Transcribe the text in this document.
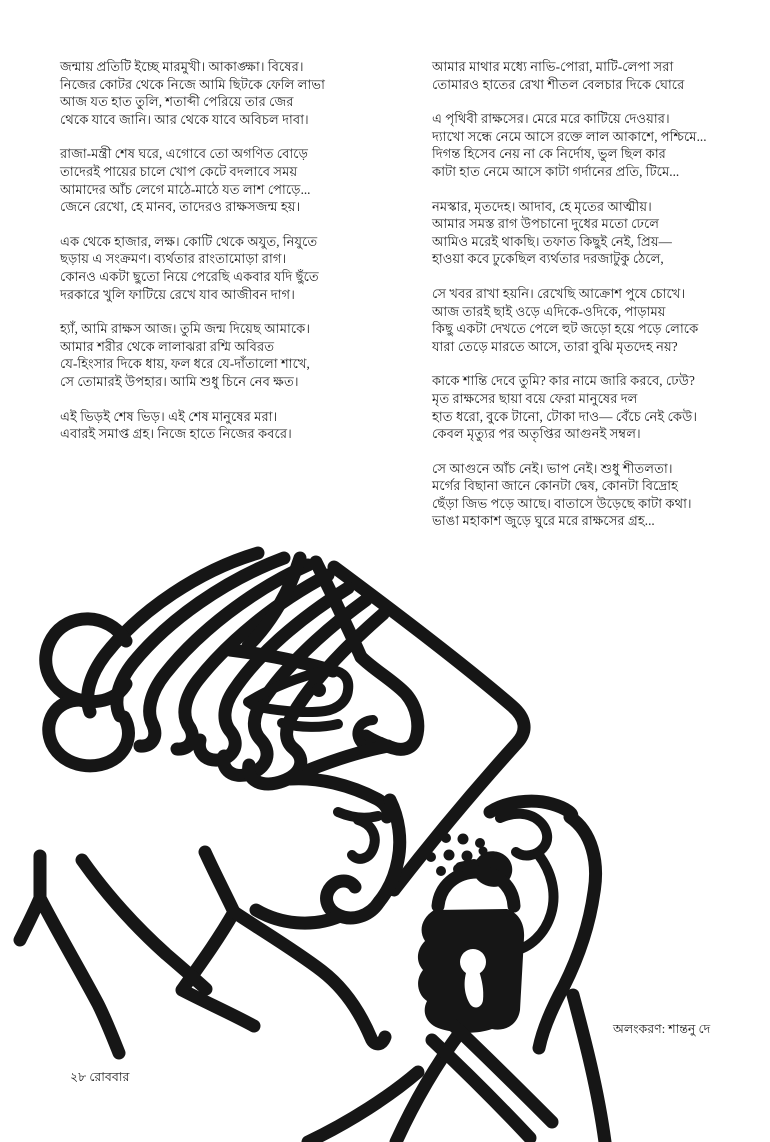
জন্মায় প্রতিটি ইচ্ছে মারমুখী। আকাঙ্ক্ষা। বিষের।
নিজের কোটর থেকে নিজে আমি ছিটকে ফেলি লাভা
আজ যত হাত তুলি, শতাব্দী পেরিয়ে তার জের
থেকে যাবে জানি। আর থেকে যাবে অবিচল দাবা।
রাজা-মন্ত্রী শেষ ঘরে, এগোবে তো অগণিত বোড়ে
তাদেরই পায়ের চালে খোপ কেটে বদলাবে সময়
আমাদের আঁচ লেগে মাঠে-মাঠে যত লাশ পোড়ে...
জেনে রেখো, হে মানব, তাদেরও রাক্ষসজন্ম হয়।
এক থেকে হাজার, লক্ষ। কোটি থেকে অযুত, নিযুতে
ছড়ায় এ সংক্রমণ। ব্যর্থতার রাংতামোড়া রাগ।
কোনও একটা ছুতো নিয়ে পেরেছি একবার যদি ছুঁতে
দরকারে খুলি ফাটিয়ে রেখে যাব আজীবন দাগ।
হ্যাঁ, আমি রাক্ষস আজ। তুমি জন্ম দিয়েছ আমাকে।
আমার শরীর থেকে লালাঝরা রশ্মি অবিরত
যে-হিংসার দিকে ধায়, ফল ধরে যে-দাঁতালো শাখে,
সে তোমারই উপহার। আমি শুধু চিনে নেব ক্ষত।
এই ভিড়ই শেষ ভিড়। এই শেষ মানুষের মরা।
এবারই সমাপ্ত গ্রহ। নিজে হাতে নিজের কবরে।
আমার মাথার মধ্যে নাভি-পোরা, মাটি-লেপা সরা
তোমারও হাতের রেখা শীতল বেলচার দিকে ঘোরে
এ পৃথিবী রাক্ষসের। মেরে মরে কাটিয়ে দেওয়ার।
দ্যাখো সন্ধে নেমে আসে রক্তে লাল আকাশে, পশ্চিমে...
দিগন্ত হিসেব নেয় না কে নির্দোষ, ভুল ছিল কার
কাটা হাত নেমে আসে কাটা গর্দানের প্রতি, টিমে...
নমস্কার, মৃতদেহ। আদাব, হে মৃতের আত্মীয়।
আমার সমস্ত রাগ উপচানো দুধের মতো ঢেলে
আমিও মরেই থাকছি। তফাত কিছুই নেই, প্রিয়—
হাওয়া কবে ঢুকেছিল ব্যর্থতার দরজাটুকু ঠেলে,
সে খবর রাখা হয়নি। রেখেছি আক্রোশ পুষে চোখে।
আজ তারই ছাই ওড়ে এদিকে-ওদিকে, পাড়াময়
কিছু একটা দেখতে পেলে হুট জড়ো হয়ে পড়ে লোকে
যারা তেড়ে মারতে আসে, তারা বুঝি মৃতদেহ নয়?
কাকে শান্তি দেবে তুমি? কার নামে জারি করবে, ঢেউ?
মৃত রাক্ষসের ছায়া বয়ে ফেরা মানুষের দল
হাত ধরো, বুকে টানো, টোকা দাও— বেঁচে নেই কেউ।
কেবল মৃত্যুর পর অতৃপ্তির আগুনই সম্বল।
সে আগুনে আঁচ নেই। ভাপ নেই। শুধু শীতলতা।
মর্গের বিছানা জানে কোনটা দ্বেষ, কোনটা বিদ্রোহ
ছেঁড়া জিভ পড়ে আছে। বাতাসে উড়েছে কাটা কথা।
ভাঙা মহাকাশ জুড়ে ঘুরে মরে রাক্ষসের গ্রহ...
অলংকরণ: শান্তনু দে
২৮ রোববার
